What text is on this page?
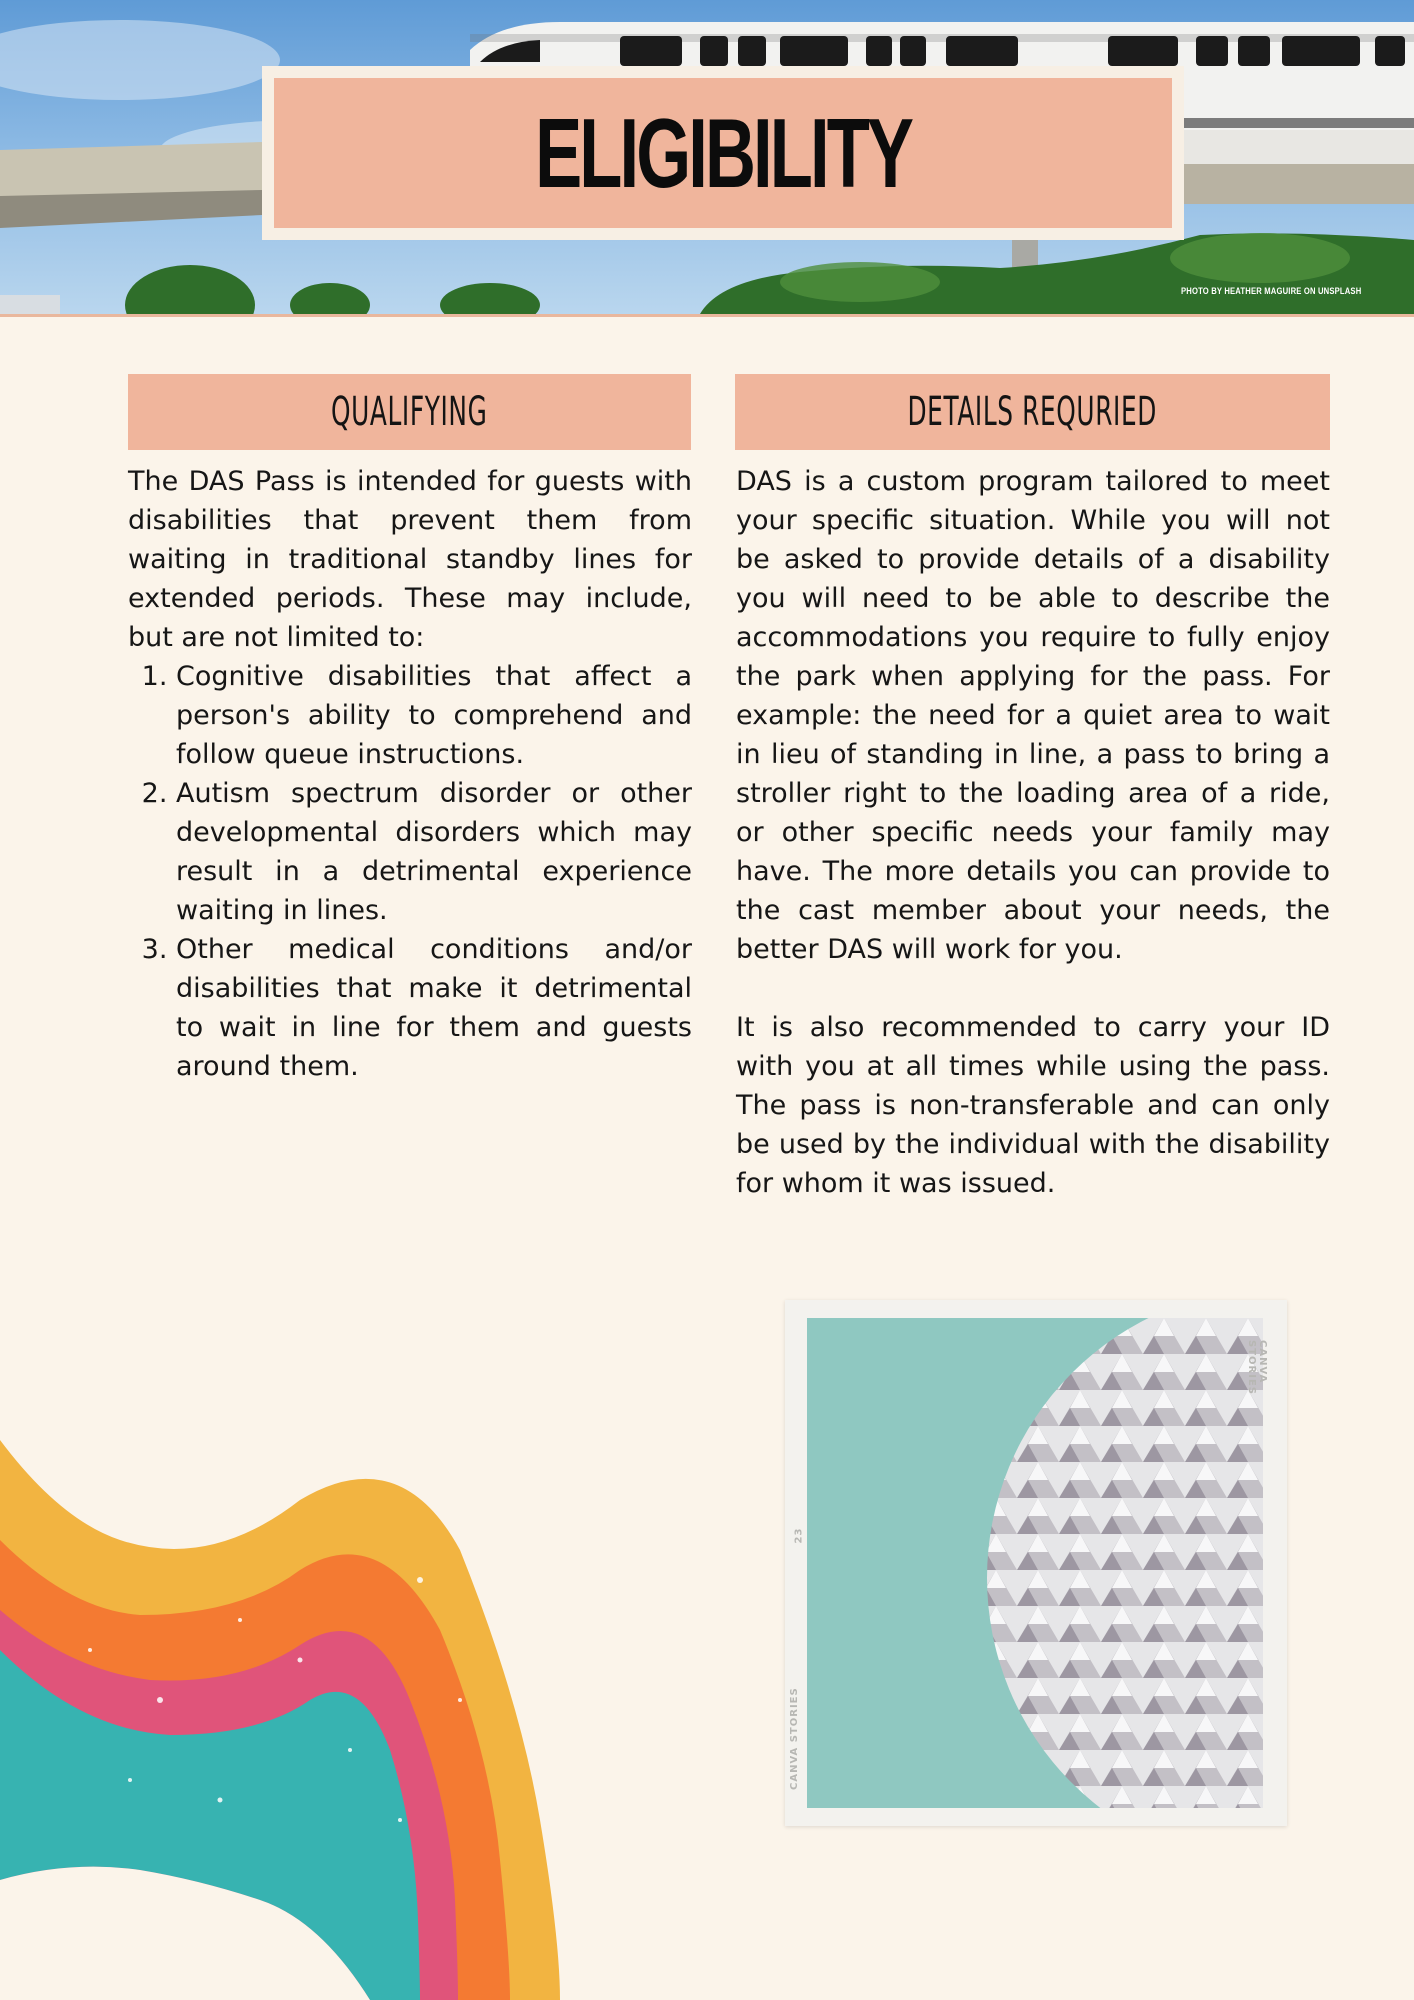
ELIGIBILITY
PHOTO BY HEATHER MAGUIRE ON UNSPLASH
QUALIFYING

The DAS Pass is intended for guests with disabilities that prevent them from waiting in traditional standby lines for extended periods. These may include, but are not limited to:

1. Cognitive disabilities that affect a person's ability to comprehend and follow queue instructions.
2. Autism spectrum disorder or other developmental disorders which may result in a detrimental experience waiting in lines.
3. Other medical conditions and/or disabilities that make it detrimental to wait in line for them and guests around them.
DETAILS REQURIED

DAS is a custom program tailored to meet your specific situation. While you will not be asked to provide details of a disability you will need to be able to describe the accommodations you require to fully enjoy the park when applying for the pass. For example: the need for a quiet area to wait in lieu of standing in line, a pass to bring a stroller right to the loading area of a ride, or other specific needs your family may have. The more details you can provide to the cast member about your needs, the better DAS will work for you.

It is also recommended to carry your ID with you at all times while using the pass. The pass is non-transferable and can only be used by the individual with the disability for whom it was issued.

CANVA STORIES
CANVA STORIES
23
